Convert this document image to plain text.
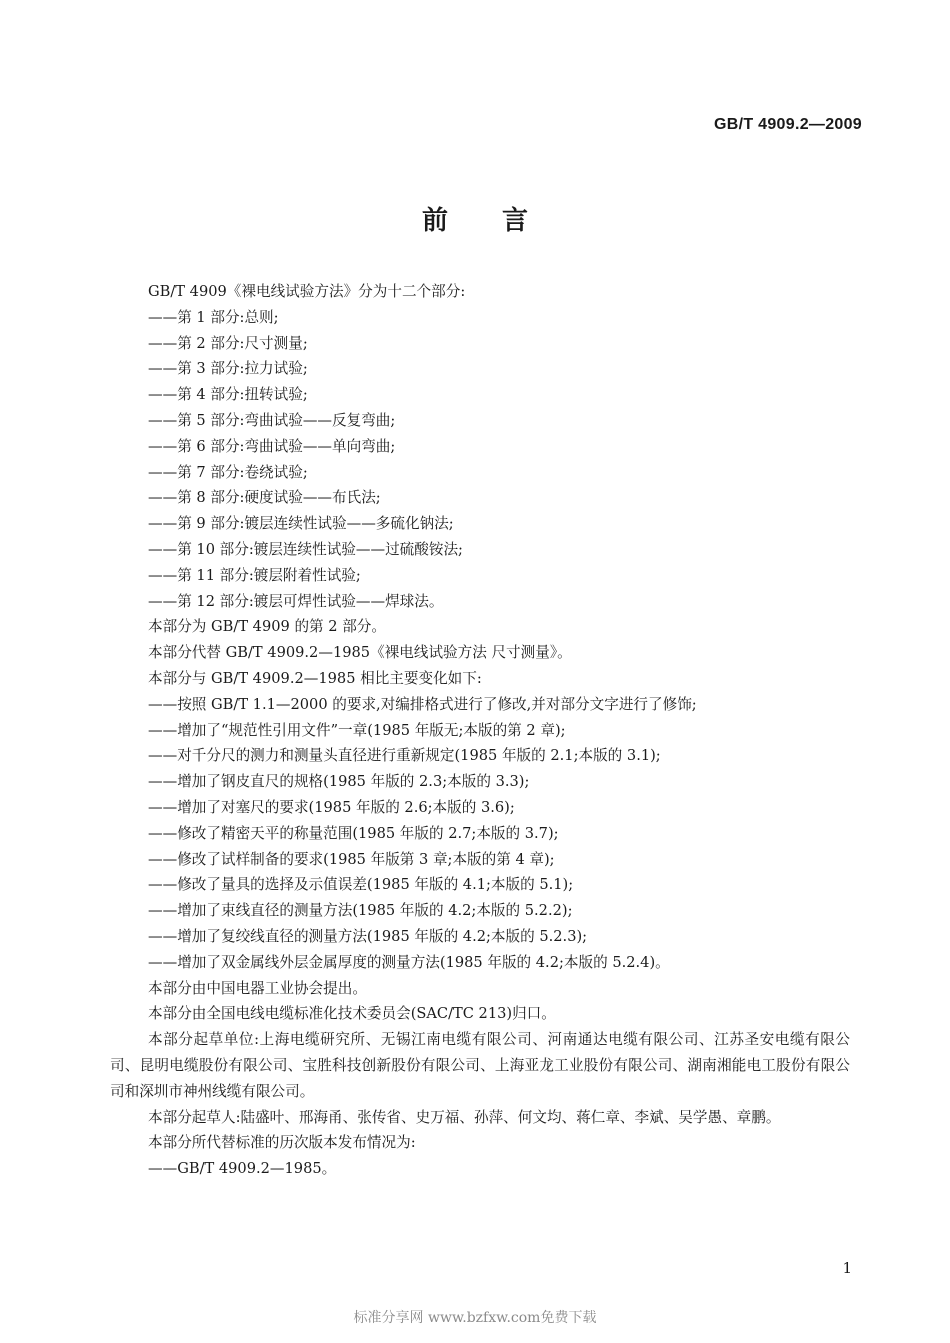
GB/T 4909.2—2009
前言

GB/T 4909《裸电线试验方法》分为十二个部分:

——第 1 部分:总则;

——第 2 部分:尺寸测量;

——第 3 部分:拉力试验;

——第 4 部分:扭转试验;

——第 5 部分:弯曲试验——反复弯曲;

——第 6 部分:弯曲试验——单向弯曲;

——第 7 部分:卷绕试验;

——第 8 部分:硬度试验——布氏法;

——第 9 部分:镀层连续性试验——多硫化钠法;

——第 10 部分:镀层连续性试验——过硫酸铵法;

——第 11 部分:镀层附着性试验;

——第 12 部分:镀层可焊性试验——焊球法。

本部分为 GB/T 4909 的第 2 部分。

本部分代替 GB/T 4909.2—1985《裸电线试验方法 尺寸测量》。

本部分与 GB/T 4909.2—1985 相比主要变化如下:

——按照 GB/T 1.1—2000 的要求,对编排格式进行了修改,并对部分文字进行了修饰;

——增加了“规范性引用文件”一章(1985 年版无;本版的第 2 章);

——对千分尺的测力和测量头直径进行重新规定(1985 年版的 2.1;本版的 3.1);

——增加了钢皮直尺的规格(1985 年版的 2.3;本版的 3.3);

——增加了对塞尺的要求(1985 年版的 2.6;本版的 3.6);

——修改了精密天平的称量范围(1985 年版的 2.7;本版的 3.7);

——修改了试样制备的要求(1985 年版第 3 章;本版的第 4 章);

——修改了量具的选择及示值误差(1985 年版的 4.1;本版的 5.1);

——增加了束线直径的测量方法(1985 年版的 4.2;本版的 5.2.2);

——增加了复绞线直径的测量方法(1985 年版的 4.2;本版的 5.2.3);

——增加了双金属线外层金属厚度的测量方法(1985 年版的 4.2;本版的 5.2.4)。

本部分由中国电器工业协会提出。

本部分由全国电线电缆标准化技术委员会(SAC/TC 213)归口。

本部分起草单位:上海电缆研究所、无锡江南电缆有限公司、河南通达电缆有限公司、江苏圣安电缆有限公司、昆明电缆股份有限公司、宝胜科技创新股份有限公司、上海亚龙工业股份有限公司、湖南湘能电工股份有限公司和深圳市神州线缆有限公司。

本部分起草人:陆盛叶、邢海甬、张传省、史万福、孙萍、何文均、蒋仁章、李斌、吴学愚、章鹏。

本部分所代替标准的历次版本发布情况为:

——GB/T 4909.2—1985。

1
标准分享网 www.bzfxw.com免费下载
